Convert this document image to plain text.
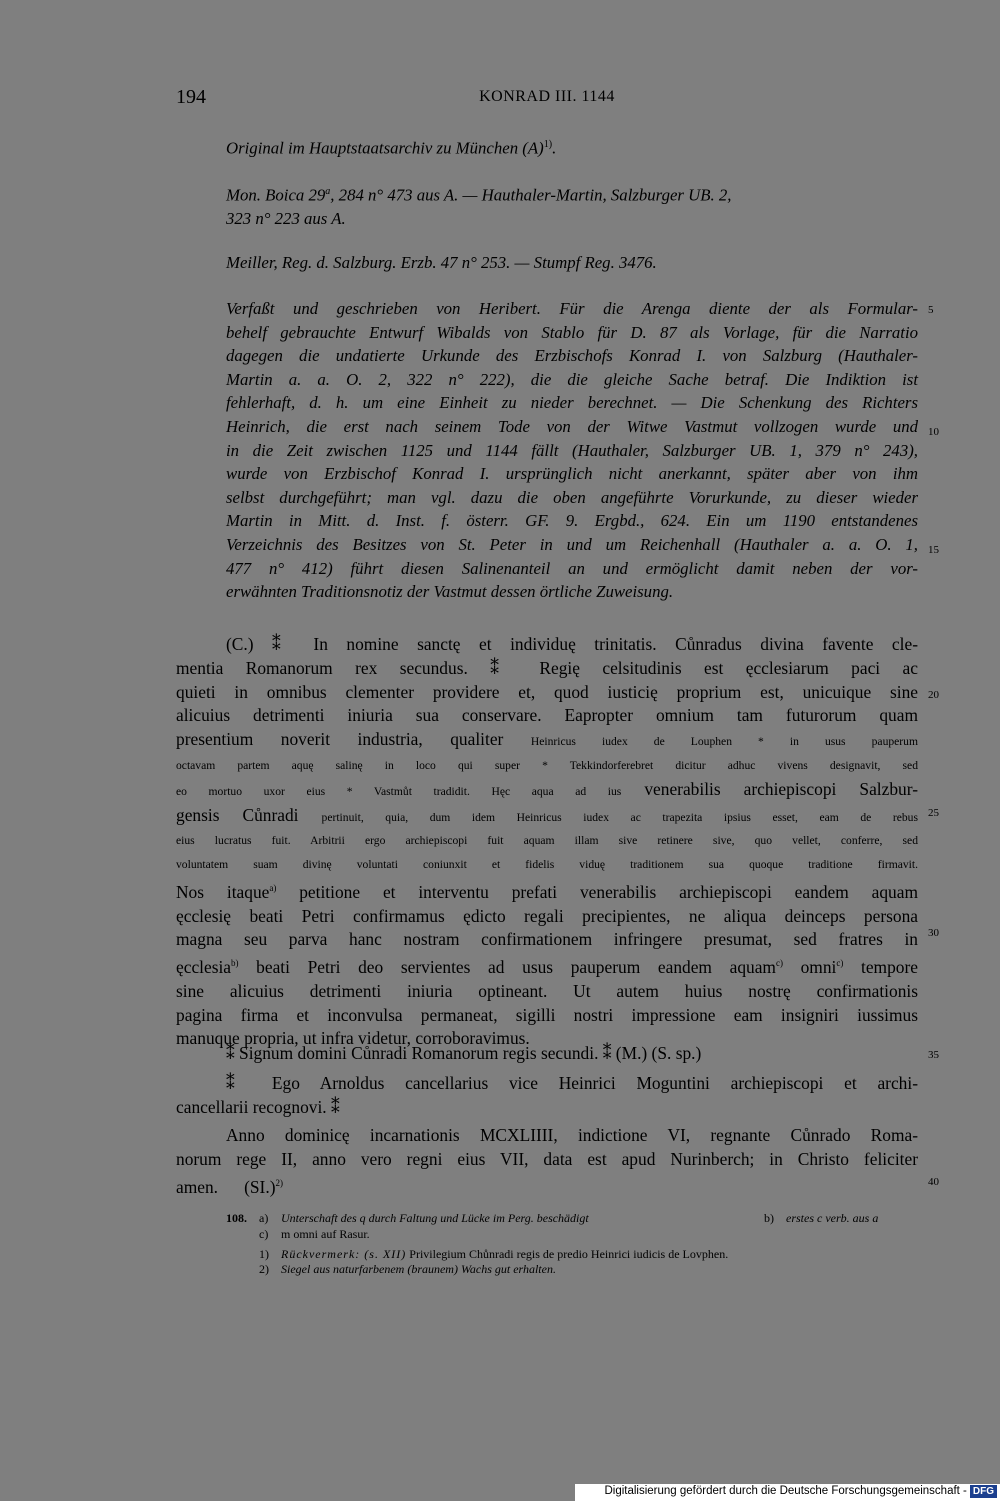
194	KONRAD III. 1144
Original im Hauptstaatsarchiv zu München $(A)^{1)}$.
Mon. Boica 29$^a$, 284 n° 473 aus A. — Hauthaler-Martin, Salzburger UB. 2,
323 n° 223 aus A.
Meiller, Reg. d. Salzburg. Erzb. 47 n° 253. — Stumpf Reg. 3476.
Verfaßt und geschrieben von Heribert. Für die Arenga diente der als Formular-
behelf gebrauchte Entwurf Wibalds von Stablo für D. 87 als Vorlage, für die Narratio
dagegen die undatierte Urkunde des Erzbischofs Konrad I. von Salzburg (Hauthaler-
Martin a. a. O. 2, 322 n° 222), die die gleiche Sache betraf. Die Indiktion ist
fehlerhaft, d. h. um eine Einheit zu nieder berechnet. — Die Schenkung des Richters
Heinrich, die erst nach seinem Tode von der Witwe Vastmut vollzogen wurde und
in die Zeit zwischen 1125 und 1144 fällt (Hauthaler, Salzburger UB. 1, 379 n° 243),
wurde von Erzbischof Konrad I. ursprünglich nicht anerkannt, später aber von ihm
selbst durchgeführt; man vgl. dazu die oben angeführte Vorurkunde, zu dieser wieder
Martin in Mitt. d. Inst. f. österr. GF. 9. Ergbd., 624. Ein um 1190 entstandenes
Verzeichnis des Besitzes von St. Peter in und um Reichenhall (Hauthaler a. a. O. 1,
477 n° 412) führt diesen Salinenanteil an und ermöglicht damit neben der vor-
erwähnten Traditionsnotiz der Vastmut dessen örtliche Zuweisung.
5
10
15
(C.) ⁑ In nomine sanctę et individuę trinitatis. Cůnradus divina favente cle-
mentia Romanorum rex secundus. ⁑ Regię celsitudinis est ęcclesiarum paci ac
quieti in omnibus clementer providere et, quod iusticię proprium est, unicuique sine
alicuius detrimenti iniuria sua conservare. Eapropter omnium tam futurorum quam
presentium noverit industria, qualiter Heinricus iudex de Louphen * in usus pauperum
octavam partem aquę salinę in loco qui super * Tekkindorferebret dicitur adhuc vivens designavit, sed
eo mortuo uxor eius * Vastmůt tradidit. Hęc aqua ad ius venerabilis archiepiscopi Salzbur-
gensis Cůnradi pertinuit, quia, dum idem Heinricus iudex ac trapezita ipsius esset, eam de rebus
eius lucratus fuit. Arbitrii ergo archiepiscopi fuit aquam illam sive retinere sive, quo vellet, conferre, sed
voluntatem suam divinę voluntati coniunxit et fidelis viduę traditionem sua quoque traditione firmavit.
Nos itaque$^{a)}$ petitione et interventu prefati venerabilis archiepiscopi eandem aquam
ęcclesię beati Petri confirmamus ędicto regali precipientes, ne aliqua deinceps persona
magna seu parva hanc nostram confirmationem infringere presumat, sed fratres in
ęcclesia$^{b)}$ beati Petri deo servientes ad usus pauperum eandem aquam$^{c)}$ omni$^{c)}$ tempore
sine alicuius detrimenti iniuria optineant. Ut autem huius nostrę confirmationis
pagina firma et inconvulsa permaneat, sigilli nostri impressione eam insigniri iussimus
manuque propria, ut infra videtur, corroboravimus.
20
25
30
⁑ Signum domini Cůnradi Romanorum regis secundi. ⁑ (M.) (S. sp.)	35
⁑ Ego Arnoldus cancellarius vice Heinrici Moguntini archiepiscopi et archi-
cancellarii recognovi. ⁑
Anno dominicę incarnationis MCXLIIII, indictione VI, regnante Cůnrado Roma-
norum rege II, anno vero regni eius VII, data est apud Nurinberch; in Christo feliciter
amen.      $(SI.)^{2)}$	40
108. a) Unterschaft des q durch Faltung und Lücke im Perg. beschädigt	b) erstes c verb. aus a
c) m omni auf Rasur.
1) Rückvermerk: (s. XII) Privilegium Chůnradi regis de predio Heinrici iudicis de Lovphen.
2) Siegel aus naturfarbenem (braunem) Wachs gut erhalten.
Digitalisierung gefördert durch die Deutsche Forschungsgemeinschaft - DFG
